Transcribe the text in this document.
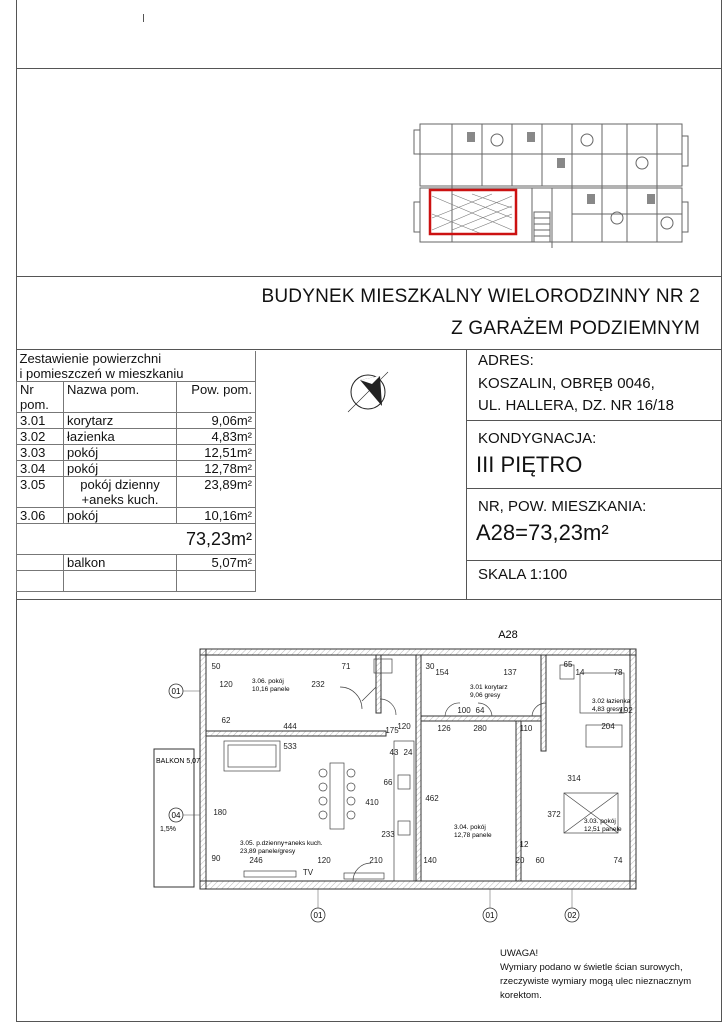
BUDYNEK MIESZKALNY WIELORODZINNY NR 2
Z GARAŻEM PODZIEMNYM
Zestawienie powierzchni
i pomieszczeń w mieszkaniu		
Nr pom.	Nazwa pom.	Pow. pom.
3.01	korytarz	9,06m²
3.02	łazienka	4,83m²
3.03	pokój	12,51m²
3.04	pokój	12,78m²
3.05	pokój dzienny
+aneks kuch.	23,89m²
3.06	pokój	10,16m²
73,23m²		
	balkon	5,07m²

ADRES:
KOSZALIN, OBRĘB 0046,
UL. HALLERA, DZ. NR 16/18
KONDYGNACJA:
III PIĘTRO
NR, POW. MIESZKANIA:
A28=73,23m²
SKALA 1:100
01
04
01	01	02
A28
BALKON 5,07
1,5%
3.06. pokój
10,16 panele	3.01 korytarz
9,06 gresy
3.02 łazienka
4,83 gresy
3.05. p.dzienny+aneks kuch.
23,89 panele/gresy
3.04. pokój
12,78 panele
3.03. pokój
12,51 panele
444
232
120
71
62
533
43 24
175
154
30
137
65
14	78
126	280	110	204
192
100
12
120
64
462
314
372
66
410
233
180
246	210
120	140	20 60	74
90
50
TV
UWAGA!
Wymiary podano w świetle ścian surowych,
rzeczywiste wymiary mogą ulec nieznacznym
korektom.
